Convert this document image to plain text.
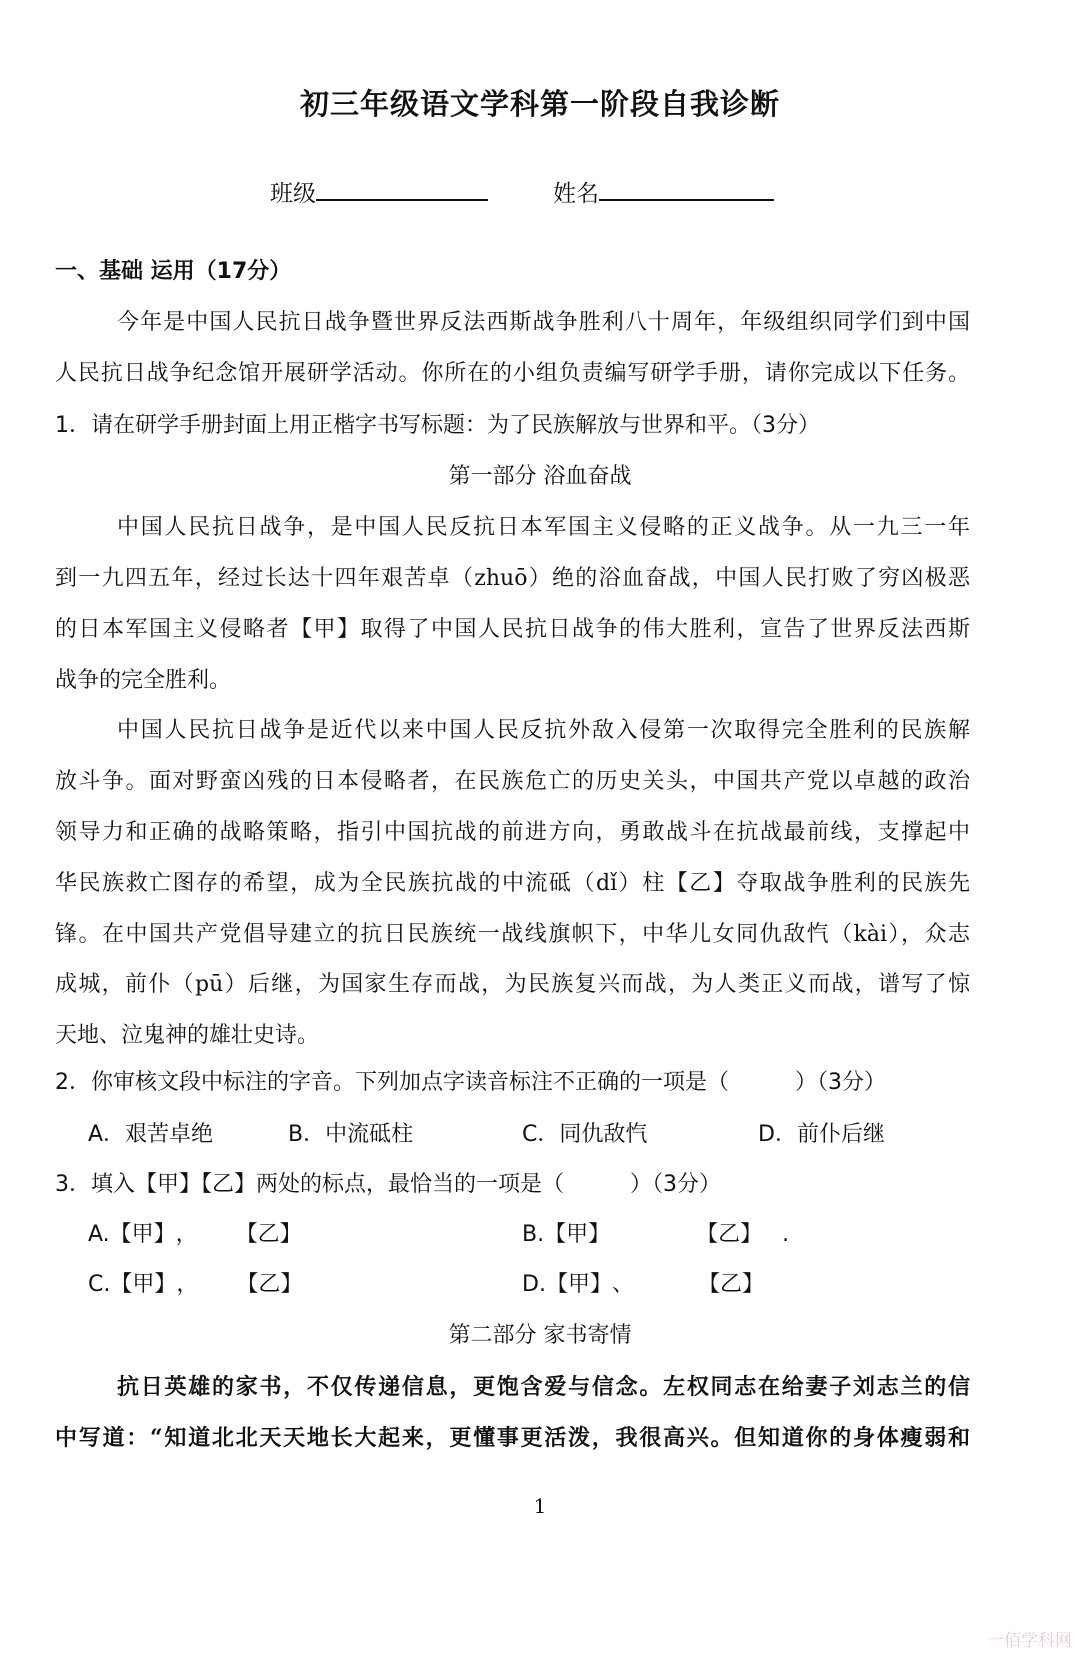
初三年级语文学科第一阶段自我诊断
班级	姓名
一、基础 运用（17分）
今年是中国人民抗日战争暨世界反法西斯战争胜利八十周年，年级组织同学们到中国
人民抗日战争纪念馆开展研学活动。你所在的小组负责编写研学手册，请你完成以下任务。
1．请在研学手册封面上用正楷字书写标题：为了民族解放与世界和平。（3分）
第一部分 浴血奋战
中国人民抗日战争，是中国人民反抗日本军国主义侵略的正义战争。从一九三一年
到一九四五年，经过长达十四年艰苦卓（zhuō）绝的浴血奋战，中国人民打败了穷凶极恶
的日本军国主义侵略者【甲】取得了中国人民抗日战争的伟大胜利，宣告了世界反法西斯
战争的完全胜利。
中国人民抗日战争是近代以来中国人民反抗外敌入侵第一次取得完全胜利的民族解
放斗争。面对野蛮凶残的日本侵略者，在民族危亡的历史关头，中国共产党以卓越的政治
领导力和正确的战略策略，指引中国抗战的前进方向，勇敢战斗在抗战最前线，支撑起中
华民族救亡图存的希望，成为全民族抗战的中流砥（dǐ）柱【乙】夺取战争胜利的民族先
锋。在中国共产党倡导建立的抗日民族统一战线旗帜下，中华儿女同仇敌忾（kài），众志
成城，前仆（pū）后继，为国家生存而战，为民族复兴而战，为人类正义而战，谱写了惊
天地、泣鬼神的雄壮史诗。
2．你审核文段中标注的字音。下列加点字读音标注不正确的一项是（　　　）（3分）
A．艰苦卓绝	B．中流砥柱	C．同仇敌忾	D．前仆后继
3．填入【甲】【乙】两处的标点，最恰当的一项是（　　　）（3分）
A.【甲】， 【乙】	B.【甲】	【乙】 .
C.【甲】， 【乙】	D.【甲】、	【乙】
第二部分 家书寄情
抗日英雄的家书，不仅传递信息，更饱含爱与信念。左权同志在给妻子刘志兰的信
中写道：“知道北北天天地长大起来，更懂事更活泼，我很高兴。但知道你的身体瘦弱和
1
一佰学科网
